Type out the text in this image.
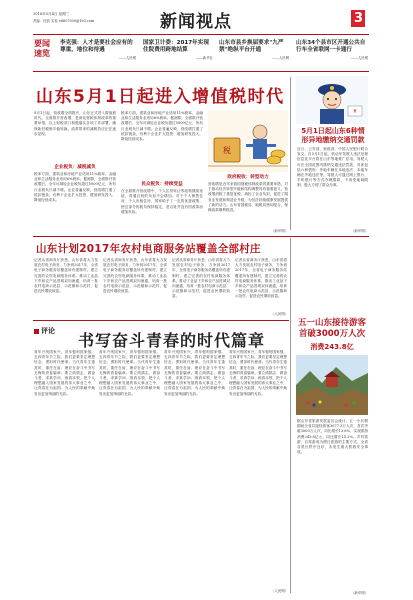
2016年5月4日 星期三
责编：杜凯 实检 e8607000@163.com	新闻视点	3
要闻速览
李克强：人才是要社会应有的尊重，地位和待遇
——人民网
国家卫计委：2017年实现住院费用跨地结算
——新华社
山东市县乡换届要求"九严禁"绝纵平台开通
——人民网
山东34个县市区开通公共自行车全省联网一卡通行
——人民网
山东5月1日起进入增值税时代
5月1日起，营改增全面推开，山东正式进入增值税时代。全面推开营改增，是深化财税体制改革的重要举措，以上财税部门积极落实各项工作部署，确保新旧税制平稳转换，改革带来的减税效应正在逐步显现。
企业税负：减税减负
税率方面，建筑业和房地产业适用11%税率，金融业和生活服务业适用6%税率。据测算，全面推开营改增后，全年可减轻企业税负超过5000亿元，所有行业税负只减不增。企业普遍反映，营改增打通了抵扣链条，有利于企业扩大投资、增加研发投入，降低经营成本。
税率方面，建筑业和房地产业适用11%税率，金融业和生活服务业适用6%税率。据测算，全面推开营改增后，全年可减轻企业税负超过5000亿元，所有行业税负只减不增。企业普遍反映，营改增打通了抵扣链条，有利于企业扩大投资、增加研发投入，降低经营成本。
民众税负：持续受益
在全面推开营改增中，个人住房转让等政策继续延续，普通百姓的负担不会增加。对于个人销售住房、个人出租住房，国家给予了一定的优惠政策，使这部分的税负保持稳定，老百姓并没有因改革而增加负担。
政府税收：转型动力
营改增是近年来我国财税体制改革的重要举措，对于推动经济转型升级和结构调整具有重要意义。营改增消除了重复征税，减轻了企业负担，促进了服务业发展和制造业升级，为经济持续健康发展提供了新的动力。山东省国税局、地税局密切配合，保障改革顺利推进。
（新华网）
税
¥
5月1日起山东6种情形异地缴纳交通罚款
近日，公安部、财政部、中国人民银行联合发文，自5月1日起，机动车驾驶人违法处理信息化平台将在山东等地推广应用。驾驶人可在全国范围内缴纳交通违法罚款，具体包括六种情形：外地车辆在本地违法、本地车辆在外地违法等，驾驶人可通过网上银行、手机银行等方式办理缴款，不再受地域限制，极大方便了群众办事。
（新华网）
山东计划2017年农村电商服务站覆盖全部村庄
记者从省商务厅获悉，山东省将大力发展农村电子商务，力争到2017年，全省电子商务服务站覆盖所有建制村，建立完善的农村电商服务体系。推动工业品下乡和农产品进城双向流通，培育一批农村电商示范县、示范镇和示范村，促进农民增收致富。
记者从省商务厅获悉，山东省将大力发展农村电子商务，力争到2017年，全省电子商务服务站覆盖所有建制村，建立完善的农村电商服务体系。推动工业品下乡和农产品进城双向流通，培育一批农村电商示范县、示范镇和示范村，促进农民增收致富。
记者从省商务厅获悉，山东省将大力发展农村电子商务，力争到2017年，全省电子商务服务站覆盖所有建制村，建立完善的农村电商服务体系。推动工业品下乡和农产品进城双向流通，培育一批农村电商示范县、示范镇和示范村，促进农民增收致富。
记者从省商务厅获悉，山东省将大力发展农村电子商务，力争到2017年，全省电子商务服务站覆盖所有建制村，建立完善的农村电商服务体系。推动工业品下乡和农产品进城双向流通，培育一批农村电商示范县、示范镇和示范村，促进农民增收致富。
（人民网）
五一山东接待游客首破3000万人次
消费243.8亿
据山东省旅游发展委员会统计，五一小长假期间全省共接待游客3077.3万人次，首次突破3000万人次，同比增长13.6%；实现旅游消费243.8亿元，同比增长15.2%。乡村旅游、自驾游成为假日旅游的主要方式，全省各景区秩序良好，未发生重大旅游安全事故。
（新华网）
评论 书写奋斗青春的时代篇章
青年兴则国家兴，青年强则国家强。五四青年节之际，我们更要坚定理想信念，勇担时代使命。当代青年生逢其时，重任在肩，理应在奋斗中书写无悔的青春篇章。要立鸿鹄志、做奋斗者、求真学问、练真本领，把个人理想融入国家发展的伟大事业之中，让青春在为祖国、为人民的奉献中焕发出更加绚丽的光彩。
青年兴则国家兴，青年强则国家强。五四青年节之际，我们更要坚定理想信念，勇担时代使命。当代青年生逢其时，重任在肩，理应在奋斗中书写无悔的青春篇章。要立鸿鹄志、做奋斗者、求真学问、练真本领，把个人理想融入国家发展的伟大事业之中，让青春在为祖国、为人民的奉献中焕发出更加绚丽的光彩。
青年兴则国家兴，青年强则国家强。五四青年节之际，我们更要坚定理想信念，勇担时代使命。当代青年生逢其时，重任在肩，理应在奋斗中书写无悔的青春篇章。要立鸿鹄志、做奋斗者、求真学问、练真本领，把个人理想融入国家发展的伟大事业之中，让青春在为祖国、为人民的奉献中焕发出更加绚丽的光彩。
青年兴则国家兴，青年强则国家强。五四青年节之际，我们更要坚定理想信念，勇担时代使命。当代青年生逢其时，重任在肩，理应在奋斗中书写无悔的青春篇章。要立鸿鹄志、做奋斗者、求真学问、练真本领，把个人理想融入国家发展的伟大事业之中，让青春在为祖国、为人民的奉献中焕发出更加绚丽的光彩。
（人民网）
